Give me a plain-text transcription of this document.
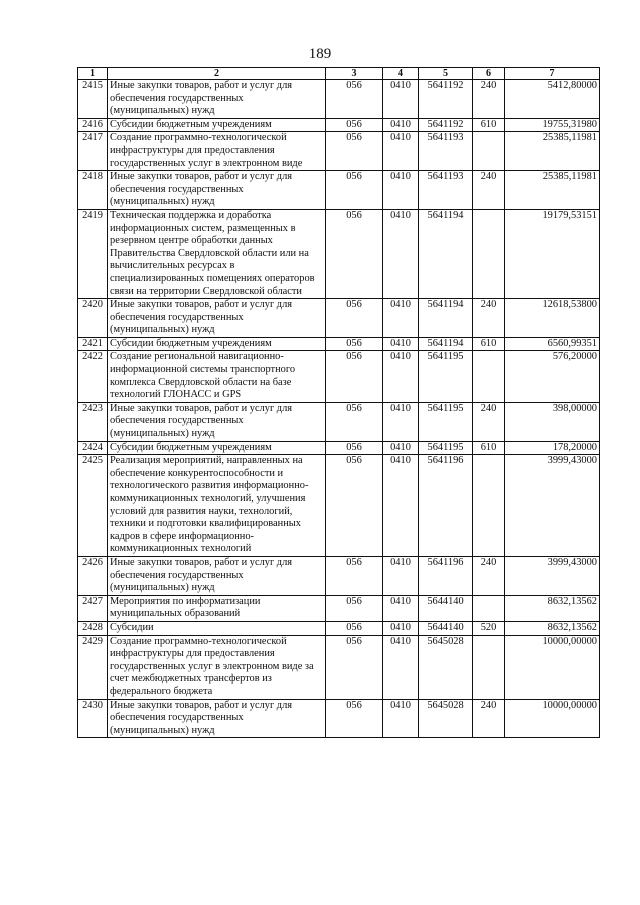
189
1	2	3	4	5	6	7
2415	Иные закупки товаров, работ и услуг для обеспечения государственных (муниципальных) нужд	056	0410	5641192	240	5412,80000
2416	Субсидии бюджетным учреждениям	056	0410	5641192	610	19755,31980
2417	Создание программно-технологической инфраструктуры для предоставления государственных услуг в электронном виде	056	0410	5641193		25385,11981
2418	Иные закупки товаров, работ и услуг для обеспечения государственных (муниципальных) нужд	056	0410	5641193	240	25385,11981
2419	Техническая поддержка и доработка информационных систем, размещенных в резервном центре обработки данных Правительства Свердловской области или на вычислительных ресурсах в специализированных помещениях операторов связи на территории Свердловской области	056	0410	5641194		19179,53151
2420	Иные закупки товаров, работ и услуг для обеспечения государственных (муниципальных) нужд	056	0410	5641194	240	12618,53800
2421	Субсидии бюджетным учреждениям	056	0410	5641194	610	6560,99351
2422	Создание региональной навигационно-информационной системы транспортного комплекса Свердловской области на базе технологий ГЛОНАСС и GPS	056	0410	5641195		576,20000
2423	Иные закупки товаров, работ и услуг для обеспечения государственных (муниципальных) нужд	056	0410	5641195	240	398,00000
2424	Субсидии бюджетным учреждениям	056	0410	5641195	610	178,20000
2425	Реализация мероприятий, направленных на обеспечение конкурентоспособности и технологического развития информационно-коммуникационных технологий, улучшения условий для развития науки, технологий, техники и подготовки квалифицированных кадров в сфере информационно-коммуникационных технологий	056	0410	5641196		3999,43000
2426	Иные закупки товаров, работ и услуг для обеспечения государственных (муниципальных) нужд	056	0410	5641196	240	3999,43000
2427	Мероприятия по информатизации муниципальных образований	056	0410	5644140		8632,13562
2428	Субсидии	056	0410	5644140	520	8632,13562
2429	Создание программно-технологической инфраструктуры для предоставления государственных услуг в электронном виде за счет межбюджетных трансфертов из федерального бюджета	056	0410	5645028		10000,00000
2430	Иные закупки товаров, работ и услуг для обеспечения государственных (муниципальных) нужд	056	0410	5645028	240	10000,00000
